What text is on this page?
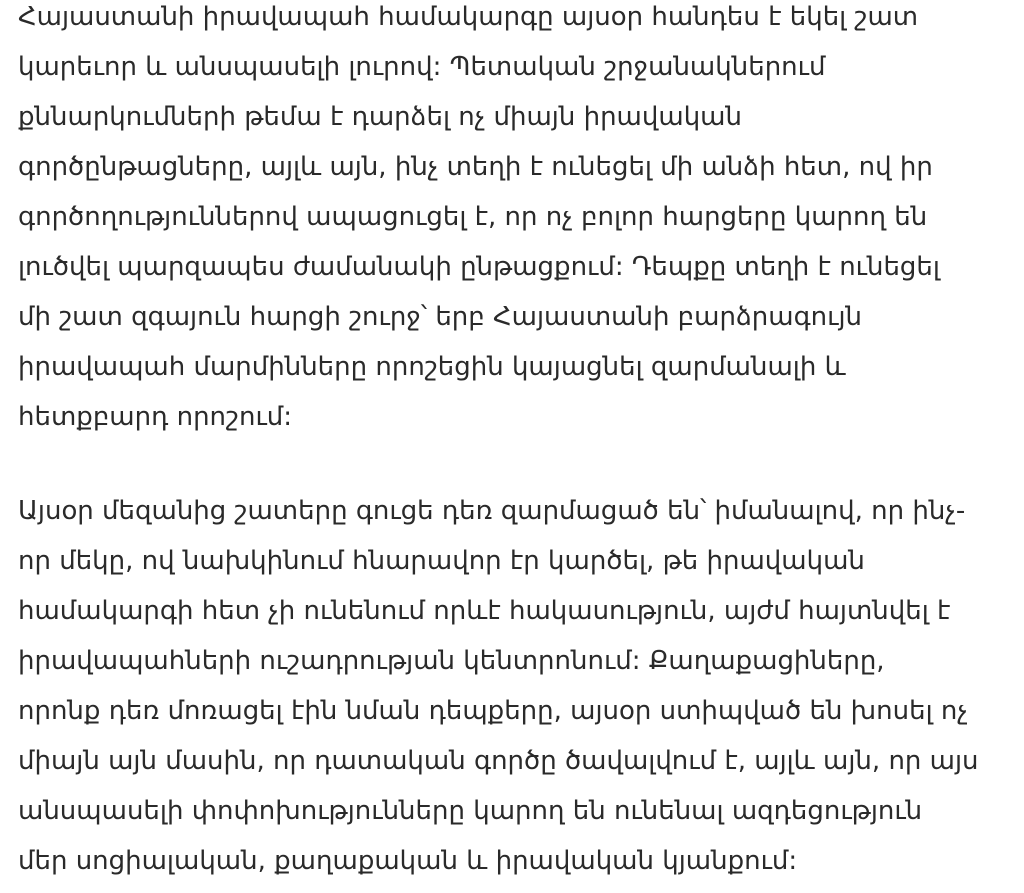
Հայաստանի իրավապահ համակարգը այսօր հանդես է եկել շատ
կարեւոր և անսպասելի լուրով: Պետական շրջանակներում
քննարկումների թեմա է դարձել ոչ միայն իրավական
գործընթացները, այլև այն, ինչ տեղի է ունեցել մի անձի հետ, ով իր
գործողություններով ապացուցել է, որ ոչ բոլոր հարցերը կարող են
լուծվել պարզապես ժամանակի ընթացքում: Դեպքը տեղի է ունեցել
մի շատ զգայուն հարցի շուրջ՝ երբ Հայաստանի բարձրագույն
իրավապահ մարմինները որոշեցին կայացնել զարմանալի և
հետքբարդ որոշում:

Այսօր մեզանից շատերը գուցե դեռ զարմացած են՝ իմանալով, որ ինչ-
որ մեկը, ով նախկինում հնարավոր էր կարծել, թե իրավական
համակարգի հետ չի ունենում որևէ հակասություն, այժմ հայտնվել է
իրավապահների ուշադրության կենտրոնում: Քաղաքացիները,
որոնք դեռ մոռացել էին նման դեպքերը, այսօր ստիպված են խոսել ոչ
միայն այն մասին, որ դատական գործը ծավալվում է, այլև այն, որ այս
անսպասելի փոփոխությունները կարող են ունենալ ազդեցություն
մեր սոցիալական, քաղաքական և իրավական կյանքում:
